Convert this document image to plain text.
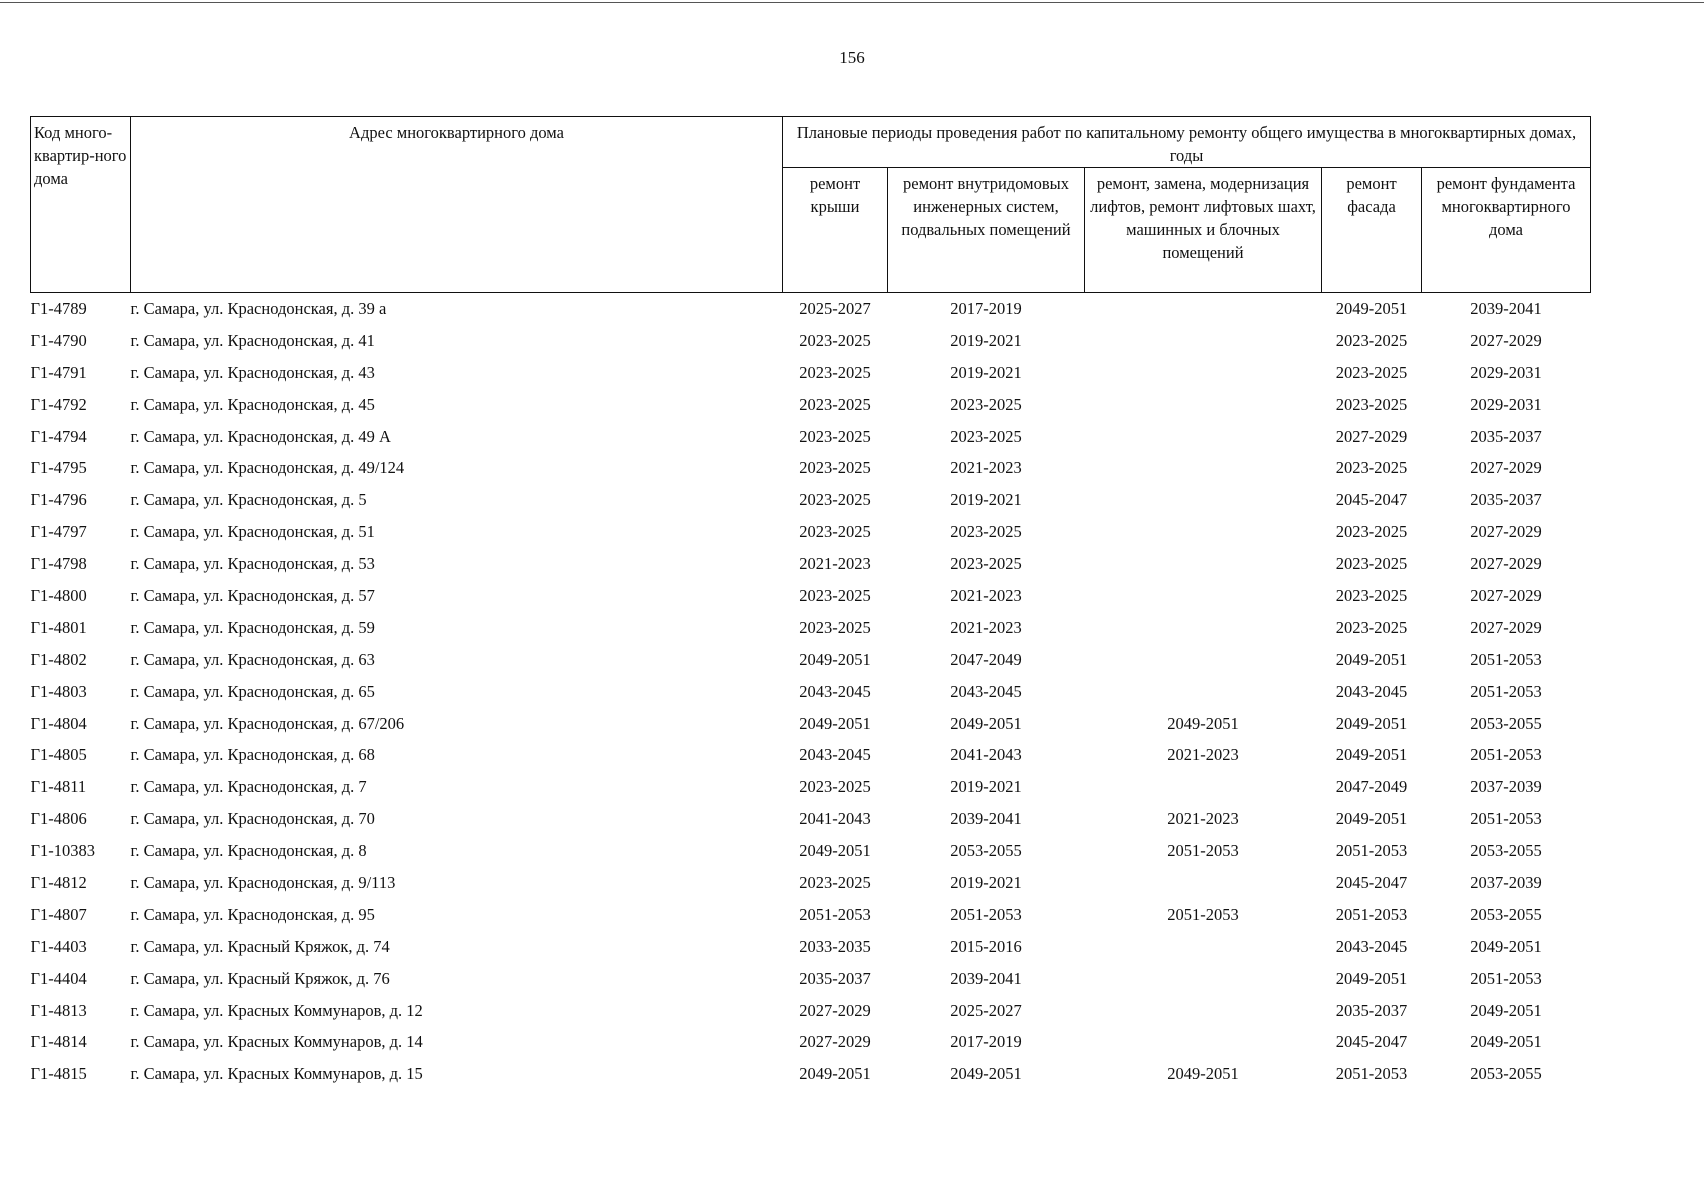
156
Код много-квартир-ного дома	Адрес многоквартирного дома	Плановые периоды проведения работ по капитальному ремонту общего имущества в многоквартирных домах, годы				
		ремонт крыши	ремонт внутридомовых инженерных систем, подвальных помещений	ремонт, замена, модернизация лифтов, ремонт лифтовых шахт, машинных и блочных помещений	ремонт фасада	ремонт фундамента многоквартирного дома
Г1-4789	г. Самара, ул. Краснодонская, д. 39 а	2025-2027	2017-2019		2049-2051	2039-2041
Г1-4790	г. Самара, ул. Краснодонская, д. 41	2023-2025	2019-2021		2023-2025	2027-2029
Г1-4791	г. Самара, ул. Краснодонская, д. 43	2023-2025	2019-2021		2023-2025	2029-2031
Г1-4792	г. Самара, ул. Краснодонская, д. 45	2023-2025	2023-2025		2023-2025	2029-2031
Г1-4794	г. Самара, ул. Краснодонская, д. 49 А	2023-2025	2023-2025		2027-2029	2035-2037
Г1-4795	г. Самара, ул. Краснодонская, д. 49/124	2023-2025	2021-2023		2023-2025	2027-2029
Г1-4796	г. Самара, ул. Краснодонская, д. 5	2023-2025	2019-2021		2045-2047	2035-2037
Г1-4797	г. Самара, ул. Краснодонская, д. 51	2023-2025	2023-2025		2023-2025	2027-2029
Г1-4798	г. Самара, ул. Краснодонская, д. 53	2021-2023	2023-2025		2023-2025	2027-2029
Г1-4800	г. Самара, ул. Краснодонская, д. 57	2023-2025	2021-2023		2023-2025	2027-2029
Г1-4801	г. Самара, ул. Краснодонская, д. 59	2023-2025	2021-2023		2023-2025	2027-2029
Г1-4802	г. Самара, ул. Краснодонская, д. 63	2049-2051	2047-2049		2049-2051	2051-2053
Г1-4803	г. Самара, ул. Краснодонская, д. 65	2043-2045	2043-2045		2043-2045	2051-2053
Г1-4804	г. Самара, ул. Краснодонская, д. 67/206	2049-2051	2049-2051	2049-2051	2049-2051	2053-2055
Г1-4805	г. Самара, ул. Краснодонская, д. 68	2043-2045	2041-2043	2021-2023	2049-2051	2051-2053
Г1-4811	г. Самара, ул. Краснодонская, д. 7	2023-2025	2019-2021		2047-2049	2037-2039
Г1-4806	г. Самара, ул. Краснодонская, д. 70	2041-2043	2039-2041	2021-2023	2049-2051	2051-2053
Г1-10383	г. Самара, ул. Краснодонская, д. 8	2049-2051	2053-2055	2051-2053	2051-2053	2053-2055
Г1-4812	г. Самара, ул. Краснодонская, д. 9/113	2023-2025	2019-2021		2045-2047	2037-2039
Г1-4807	г. Самара, ул. Краснодонская, д. 95	2051-2053	2051-2053	2051-2053	2051-2053	2053-2055
Г1-4403	г. Самара, ул. Красный Кряжок, д. 74	2033-2035	2015-2016		2043-2045	2049-2051
Г1-4404	г. Самара, ул. Красный Кряжок, д. 76	2035-2037	2039-2041		2049-2051	2051-2053
Г1-4813	г. Самара, ул. Красных Коммунаров, д. 12	2027-2029	2025-2027		2035-2037	2049-2051
Г1-4814	г. Самара, ул. Красных Коммунаров, д. 14	2027-2029	2017-2019		2045-2047	2049-2051
Г1-4815	г. Самара, ул. Красных Коммунаров, д. 15	2049-2051	2049-2051	2049-2051	2051-2053	2053-2055
